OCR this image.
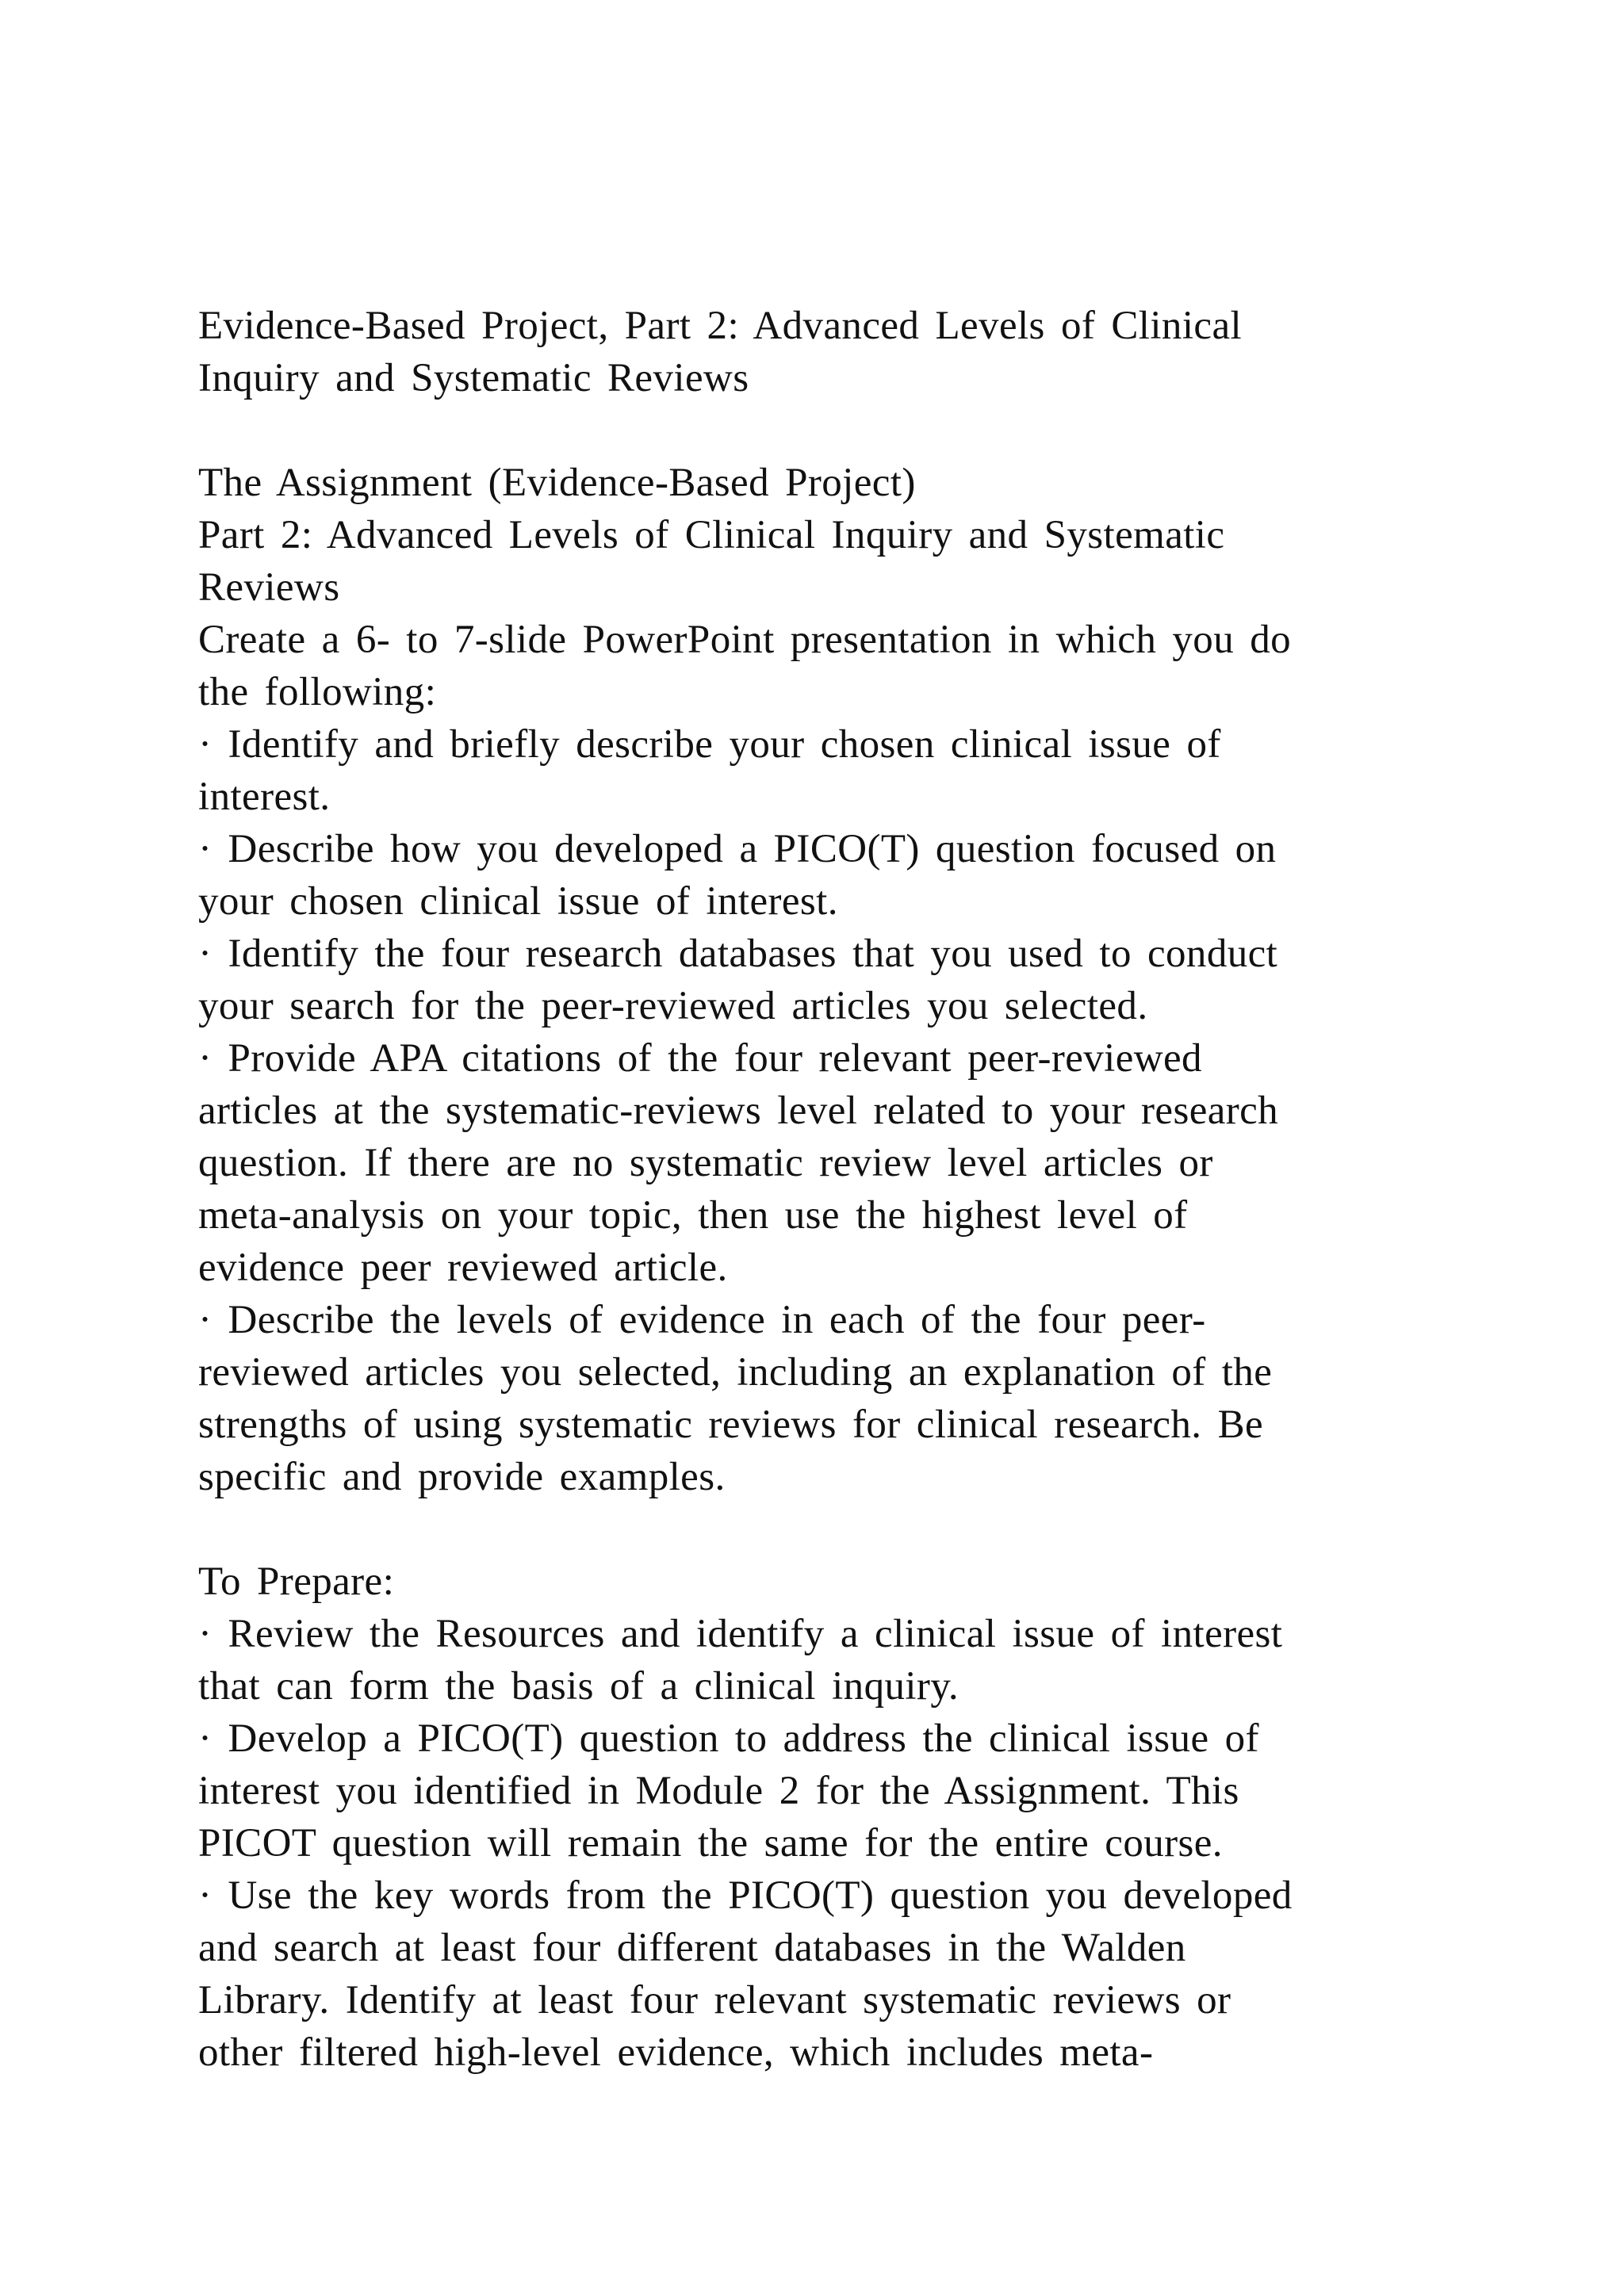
Evidence-Based Project, Part 2: Advanced Levels of Clinical
Inquiry and Systematic Reviews
The Assignment (Evidence-Based Project)
Part 2: Advanced Levels of Clinical Inquiry and Systematic
Reviews
Create a 6- to 7-slide PowerPoint presentation in which you do
the following:
· Identify and briefly describe your chosen clinical issue of
interest.
· Describe how you developed a PICO(T) question focused on
your chosen clinical issue of interest.
· Identify the four research databases that you used to conduct
your search for the peer-reviewed articles you selected.
· Provide APA citations of the four relevant peer-reviewed
articles at the systematic-reviews level related to your research
question. If there are no systematic review level articles or
meta-analysis on your topic, then use the highest level of
evidence peer reviewed article.
· Describe the levels of evidence in each of the four peer-
reviewed articles you selected, including an explanation of the
strengths of using systematic reviews for clinical research. Be
specific and provide examples.
To Prepare:
· Review the Resources and identify a clinical issue of interest
that can form the basis of a clinical inquiry.
· Develop a PICO(T) question to address the clinical issue of
interest you identified in Module 2 for the Assignment. This
PICOT question will remain the same for the entire course.
· Use the key words from the PICO(T) question you developed
and search at least four different databases in the Walden
Library. Identify at least four relevant systematic reviews or
other filtered high-level evidence, which includes meta-
